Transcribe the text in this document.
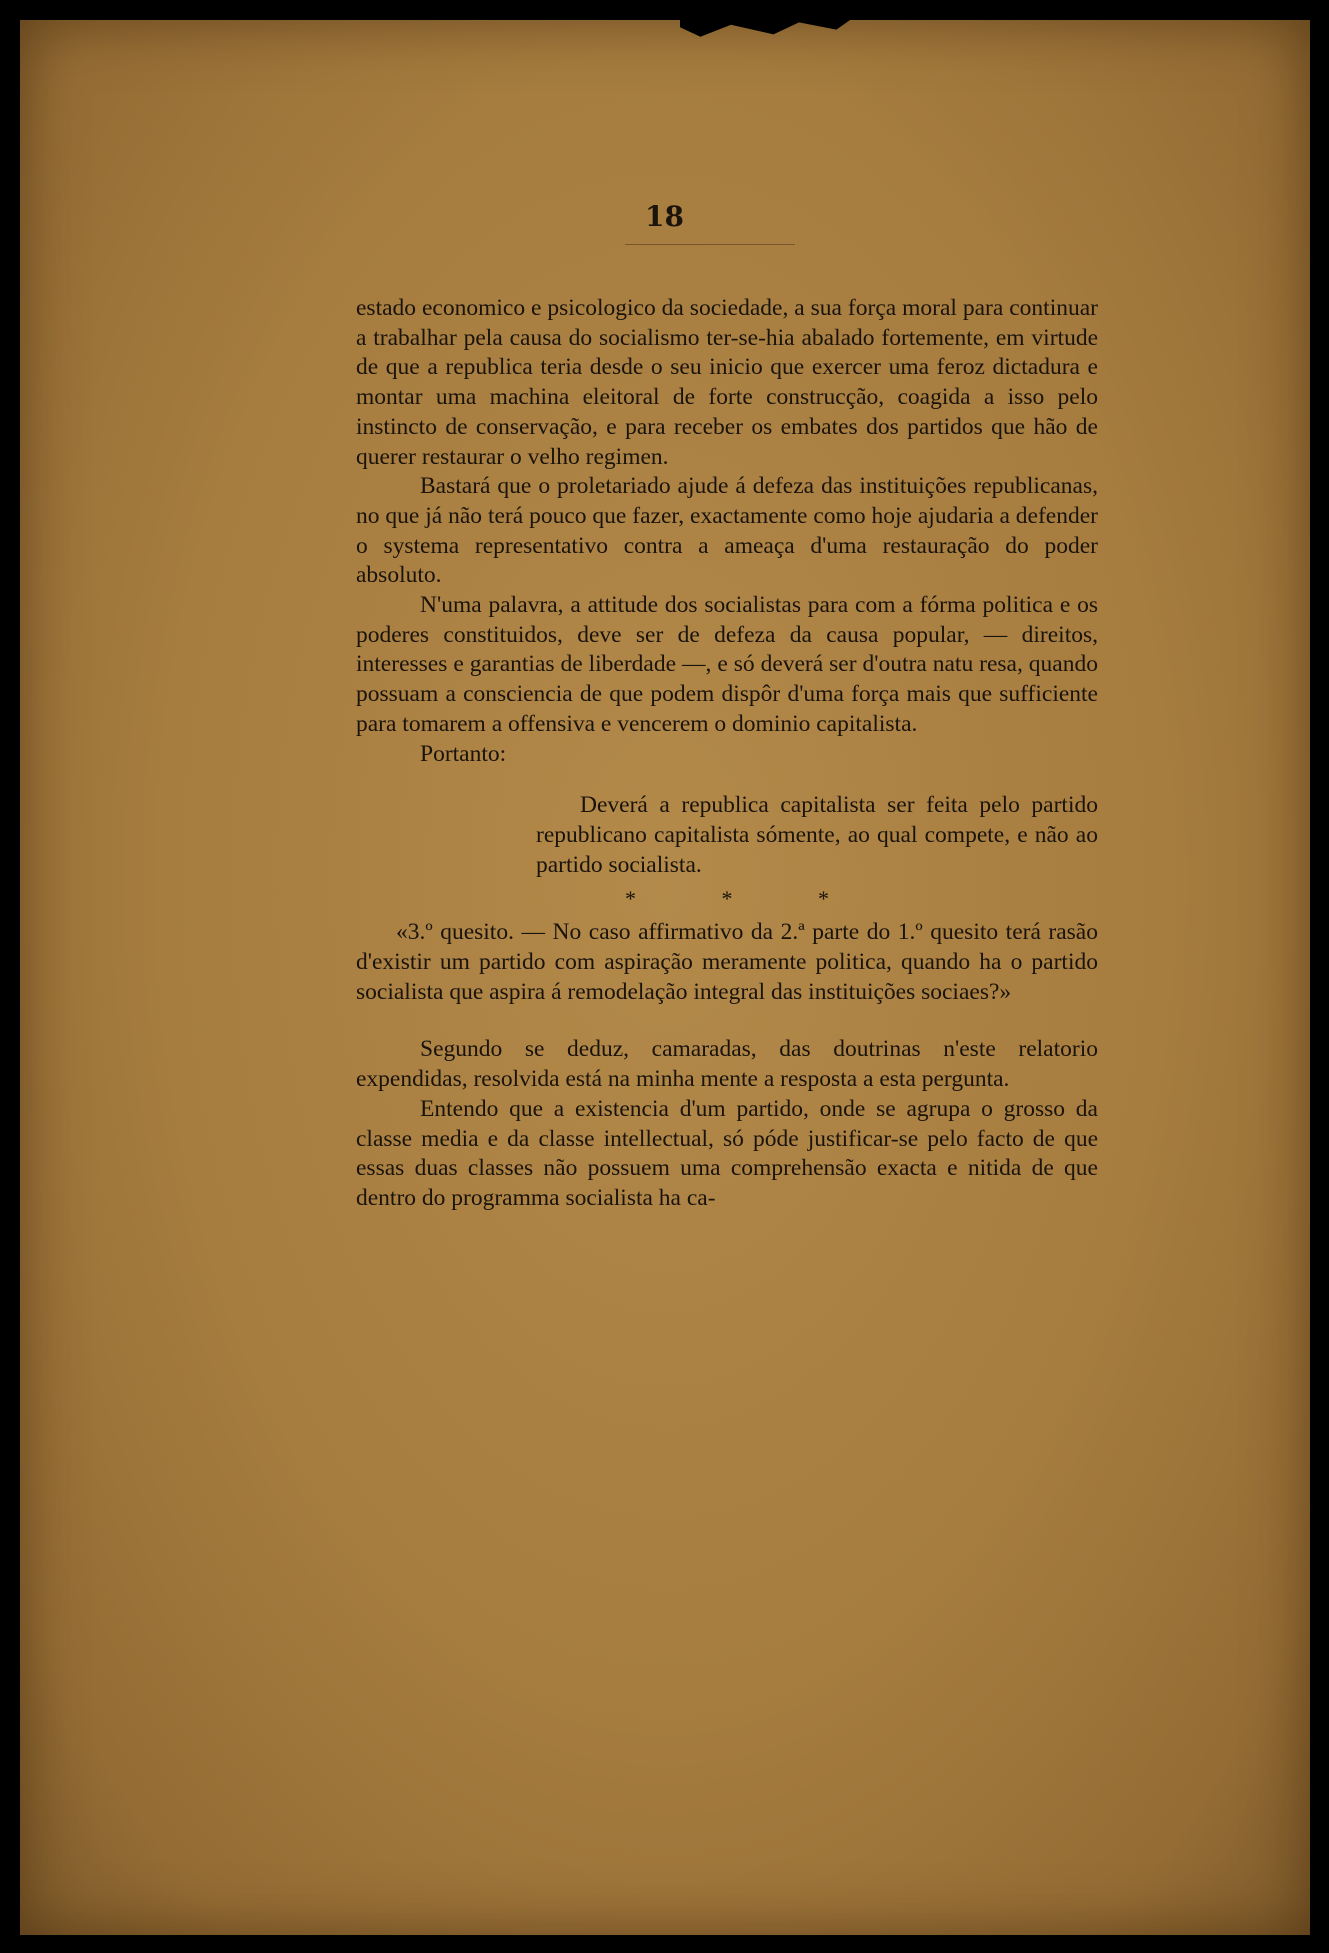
18

estado economico e psicologico da sociedade, a sua força moral para continuar a trabalhar pela causa do socialismo ter-se-hia abalado fortemente, em virtude de que a republica teria desde o seu inicio que exercer uma feroz dictadura e montar uma machina eleitoral de forte construcção, coagida a isso pelo instincto de conservação, e para receber os embates dos partidos que hão de querer restaurar o velho regimen.

Bastará que o proletariado ajude á defeza das instituições republicanas, no que já não terá pouco que fazer, exactamente como hoje ajudaria a defender o systema representativo contra a ameaça d'uma restauração do poder absoluto.

N'uma palavra, a attitude dos socialistas para com a fórma politica e os poderes constituidos, deve ser de defeza da causa popular, — direitos, interesses e garantias de liberdade —, e só deverá ser d'outra natu resa, quando possuam a consciencia de que podem dispôr d'uma força mais que sufficiente para tomarem a offensiva e vencerem o dominio capitalista.

Portanto:

Deverá a republica capitalista ser feita pelo partido republicano capitalista sómente, ao qual compete, e não ao partido socialista.

* * *

«3.º quesito. — No caso affirmativo da 2.ª parte do 1.º quesito terá rasão d'existir um partido com aspiração meramente politica, quando ha o partido socialista que aspira á remodelação integral das instituições sociaes?»

Segundo se deduz, camaradas, das doutrinas n'este relatorio expendidas, resolvida está na minha mente a resposta a esta pergunta.

Entendo que a existencia d'um partido, onde se agrupa o grosso da classe media e da classe intellectual, só póde justificar-se pelo facto de que essas duas classes não possuem uma comprehensão exacta e nitida de que dentro do programma socialista ha ca-
